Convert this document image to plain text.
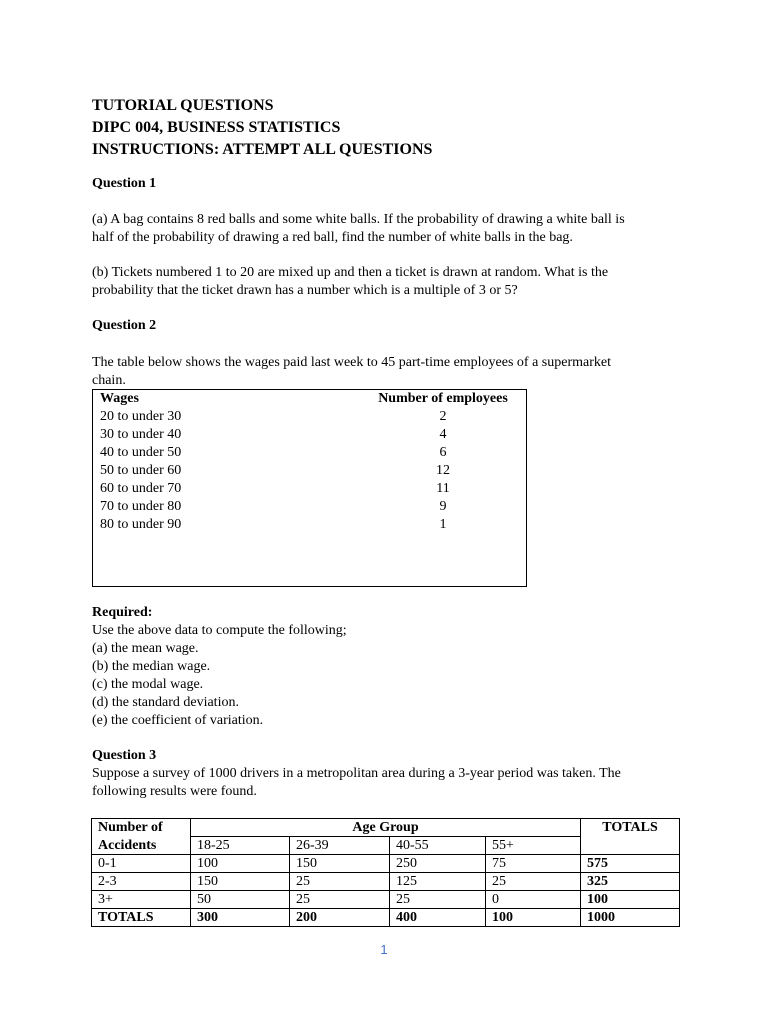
TUTORIAL QUESTIONS
DIPC 004, BUSINESS STATISTICS
INSTRUCTIONS: ATTEMPT ALL QUESTIONS
Question 1
(a) A bag contains 8 red balls and some white balls. If the probability of drawing a white ball is
half of the probability of drawing a red ball, find the number of white balls in the bag.
(b) Tickets numbered 1 to 20 are mixed up and then a ticket is drawn at random. What is the
probability that the ticket drawn has a number which is a multiple of 3 or 5?
Question 2
The table below shows the wages paid last week to 45 part-time employees of a supermarket
chain.
Wages	Number of employees
20 to under 30	2
30 to under 40	4
40 to under 50	6
50 to under 60	12
60 to under 70	11
70 to under 80	9
80 to under 90	1
Required:
Use the above data to compute the following;
(a) the mean wage.
(b) the median wage.
(c) the modal wage.
(d) the standard deviation.
(e) the coefficient of variation.
Question 3
Suppose a survey of 1000 drivers in a metropolitan area during a 3-year period was taken. The
following results were found.
Number of	Age Group				TOTALS
Accidents	18-25	26-39	40-55	55+	
0-1	100	150	250	75	575
2-3	150	25	125	25	325
3+	50	25	25	0	100
TOTALS	300	200	400	100	1000
1
